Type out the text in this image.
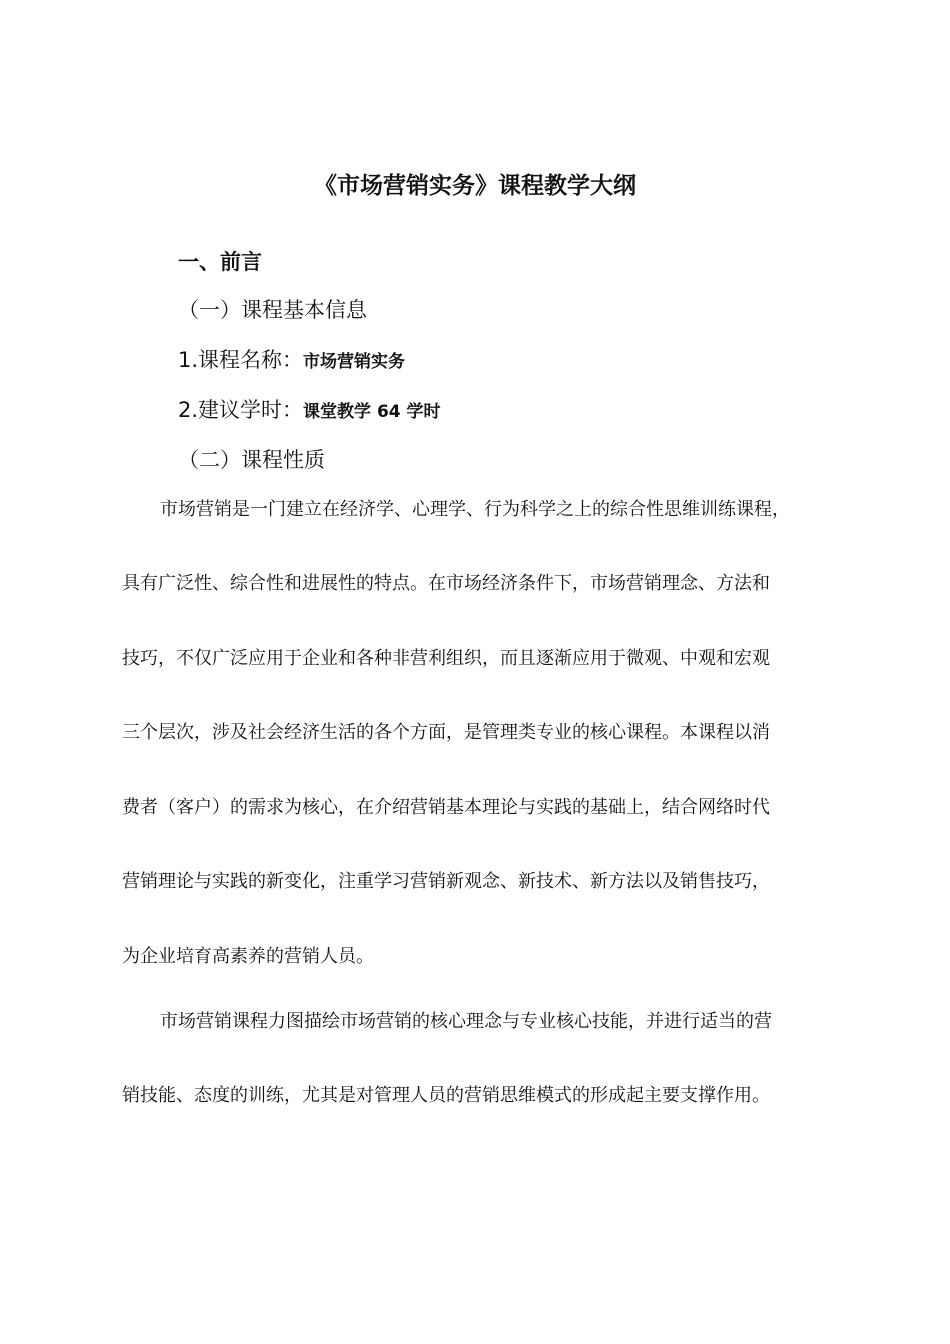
《市场营销实务》课程教学大纲
一、前言
（一）课程基本信息
1.课程名称：市场营销实务
2.建议学时：课堂教学 64 学时
（二）课程性质
市场营销是一门建立在经济学、心理学、行为科学之上的综合性思维训练课程，
具有广泛性、综合性和进展性的特点。在市场经济条件下，市场营销理念、方法和
技巧，不仅广泛应用于企业和各种非营利组织，而且逐渐应用于微观、中观和宏观
三个层次，涉及社会经济生活的各个方面，是管理类专业的核心课程。本课程以消
费者（客户）的需求为核心，在介绍营销基本理论与实践的基础上，结合网络时代
营销理论与实践的新变化，注重学习营销新观念、新技术、新方法以及销售技巧，
为企业培育高素养的营销人员。
市场营销课程力图描绘市场营销的核心理念与专业核心技能，并进行适当的营
销技能、态度的训练，尤其是对管理人员的营销思维模式的形成起主要支撑作用。
